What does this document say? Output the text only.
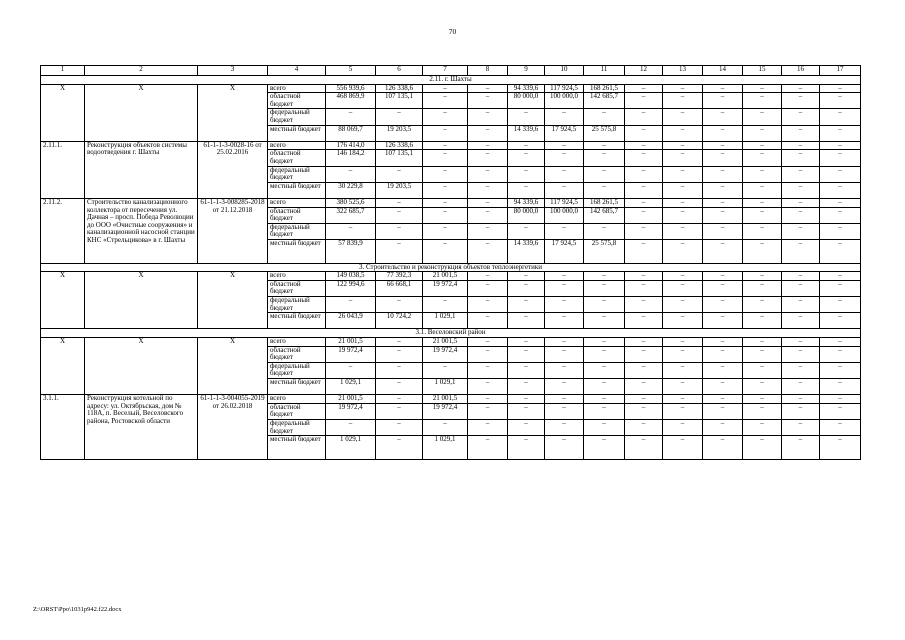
70
1	2	3	4	5	6	7	8	9	10	11	12	13	14	15	16	17
2.11. г. Шахты																
Х	Х	Х	всего	556 939,6	126 338,6	–	–	94 339,6	117 924,5	168 261,5	–	–	–	–	–	–
			областной бюджет	468 869,9	107 135,1	–	–	80 000,0	100 000,0	142 685,7	–	–	–	–	–	–
			федеральный бюджет	–	–	–	–	–	–	–	–	–	–	–	–	–
			местный бюджет	88 069,7	19 203,5	–	–	14 339,6	17 924,5	25 575,8	–	–	–	–	–	–
2.11.1.	Реконструкция объектов системы водоотведения г. Шахты	61-1-1-3-0028-16 от 25.02.2016	всего	176 414,0	126 338,6	–	–	–	–	–	–	–	–	–	–	–
			областной бюджет	146 184,2	107 135,1	–	–	–	–	–	–	–	–	–	–	–
			федеральный бюджет	–	–	–	–	–	–	–	–	–	–	–	–	–
			местный бюджет	30 229,8	19 203,5	–	–	–	–	–	–	–	–	–	–	–
2.11.2.	Строительство канализационного коллектора от пересечения ул. Дачная – просп. Победа Революции до ООО «Очистные сооружения» и канализационной насосной станции КНС «Стрельцикова» в г. Шахты	61-1-1-3-008285-2018 от 21.12.2018	всего	380 525,6	–	–	–	94 339,6	117 924,5	168 261,5	–	–	–	–	–	–
			областной бюджет	322 685,7	–	–	–	80 000,0	100 000,0	142 685,7	–	–	–	–	–	–
			федеральный бюджет	–	–	–	–	–	–	–	–	–	–	–	–	–
			местный бюджет	57 839,9	–	–	–	14 339,6	17 924,5	25 575,8	–	–	–	–	–	–
3. Строительство и реконструкция объектов теплоэнергетики																
Х	Х	Х	всего	149 038,5	77 392,3	21 001,5	–	–	–	–	–	–	–	–	–	–
			областной бюджет	122 994,6	66 668,1	19 972,4	–	–	–	–	–	–	–	–	–	–
			федеральный бюджет	–	–	–	–	–	–	–	–	–	–	–	–	–
			местный бюджет	26 043,9	10 724,2	1 029,1	–	–	–	–	–	–	–	–	–	–
3.1. Веселовский район																
Х	Х	Х	всего	21 001,5	–	21 001,5	–	–	–	–	–	–	–	–	–	–
			областной бюджет	19 972,4	–	19 972,4	–	–	–	–	–	–	–	–	–	–
			федеральный бюджет	–	–	–	–	–	–	–	–	–	–	–	–	–
			местный бюджет	1 029,1	–	1 029,1	–	–	–	–	–	–	–	–	–	–
3.1.1.	Реконструкция котельной по адресу: ул. Октябрьская, дом № 118А, п. Веселый, Веселовского района, Ростовской области	61-1-1-3-004055-2019 от 26.02.2018	всего	21 001,5	–	21 001,5	–	–	–	–	–	–	–	–	–	–
			областной бюджет	19 972,4	–	19 972,4	–	–	–	–	–	–	–	–	–	–
			федеральный бюджет	–	–	–	–	–	–	–	–	–	–	–	–	–
			местный бюджет	1 029,1	–	1 029,1	–	–	–	–	–	–	–	–	–	–
Z:\ORST\Ppo\1031p942.f22.docx
